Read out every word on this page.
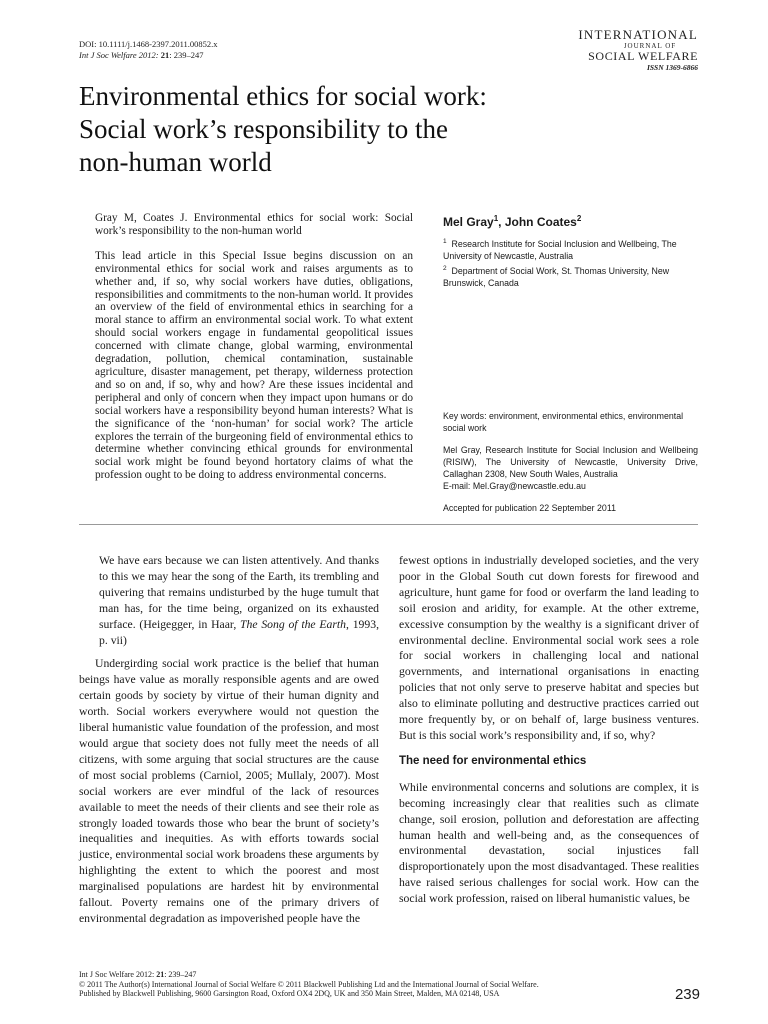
DOI: 10.1111/j.1468-2397.2011.00852.x
Int J Soc Welfare 2012: 21: 239–247
INTERNATIONAL
JOURNAL OF
SOCIAL WELFARE
ISSN 1369-6866
Environmental ethics for social work:
Social work’s responsibility to the
non-human world

Gray M, Coates J. Environmental ethics for social work: Social work’s responsibility to the non-human world

This lead article in this Special Issue begins discussion on an environmental ethics for social work and raises arguments as to whether and, if so, why social workers have duties, obligations, responsibilities and commitments to the non-human world. It provides an overview of the field of environmental ethics in searching for a moral stance to affirm an environmental social work. To what extent should social workers engage in fundamental geopolitical issues concerned with climate change, global warming, environmental degradation, pollution, chemical contamination, sustainable agriculture, disaster management, pet therapy, wilderness protection and so on and, if so, why and how? Are these issues incidental and peripheral and only of concern when they impact upon humans or do social workers have a responsibility beyond human interests? What is the significance of the ‘non-human’ for social work? The article explores the terrain of the burgeoning field of environmental ethics to determine whether convincing ethical grounds for environmental social work might be found beyond hortatory claims of what the profession ought to be doing to address environmental concerns.

Mel Gray$^1$, John Coates$^2$

$^1$ Research Institute for Social Inclusion and Wellbeing, The University of Newcastle, Australia

$^2$ Department of Social Work, St. Thomas University, New Brunswick, Canada

Key words: environment, environmental ethics, environmental social work
Mel Gray, Research Institute for Social Inclusion and Wellbeing (RISIW), The University of Newcastle, University Drive, Callaghan 2308, New South Wales, Australia
E-mail: Mel.Gray@newcastle.edu.au
Accepted for publication 22 September 2011

We have ears because we can listen attentively. And thanks to this we may hear the song of the Earth, its trembling and quivering that remains undisturbed by the huge tumult that man has, for the time being, organized on its exhausted surface. (Heigegger, in Haar, The Song of the Earth, 1993, p. vii)

Undergirding social work practice is the belief that human beings have value as morally responsible agents and are owed certain goods by society by virtue of their human dignity and worth. Social workers everywhere would not question the liberal humanistic value foundation of the profession, and most would argue that society does not fully meet the needs of all citizens, with some arguing that social structures are the cause of most social problems (Carniol, 2005; Mullaly, 2007). Most social workers are ever mindful of the lack of resources available to meet the needs of their clients and see their role as strongly loaded towards those who bear the brunt of society’s inequalities and inequities. As with efforts towards social justice, environmental social work broadens these arguments by highlighting the extent to which the poorest and most marginalised populations are hardest hit by environmental fallout. Poverty remains one of the primary drivers of environmental degradation as impoverished people have the

fewest options in industrially developed societies, and the very poor in the Global South cut down forests for firewood and agriculture, hunt game for food or overfarm the land leading to soil erosion and aridity, for example. At the other extreme, excessive consumption by the wealthy is a significant driver of environmental decline. Environmental social work sees a role for social workers in challenging local and national governments, and international organisations in enacting policies that not only serve to preserve habitat and species but also to eliminate polluting and destructive practices carried out more frequently by, or on behalf of, large business ventures. But is this social work’s responsibility and, if so, why?

The need for environmental ethics

While environmental concerns and solutions are complex, it is becoming increasingly clear that realities such as climate change, soil erosion, pollution and deforestation are affecting human health and well-being and, as the consequences of environmental devastation, social injustices fall disproportionately upon the most disadvantaged. These realities have raised serious challenges for social work. How can the social work profession, raised on liberal humanistic values, be

Int J Soc Welfare 2012: 21: 239–247
© 2011 The Author(s) International Journal of Social Welfare © 2011 Blackwell Publishing Ltd and the International Journal of Social Welfare.
Published by Blackwell Publishing, 9600 Garsington Road, Oxford OX4 2DQ, UK and 350 Main Street, Malden, MA 02148, USA	239
